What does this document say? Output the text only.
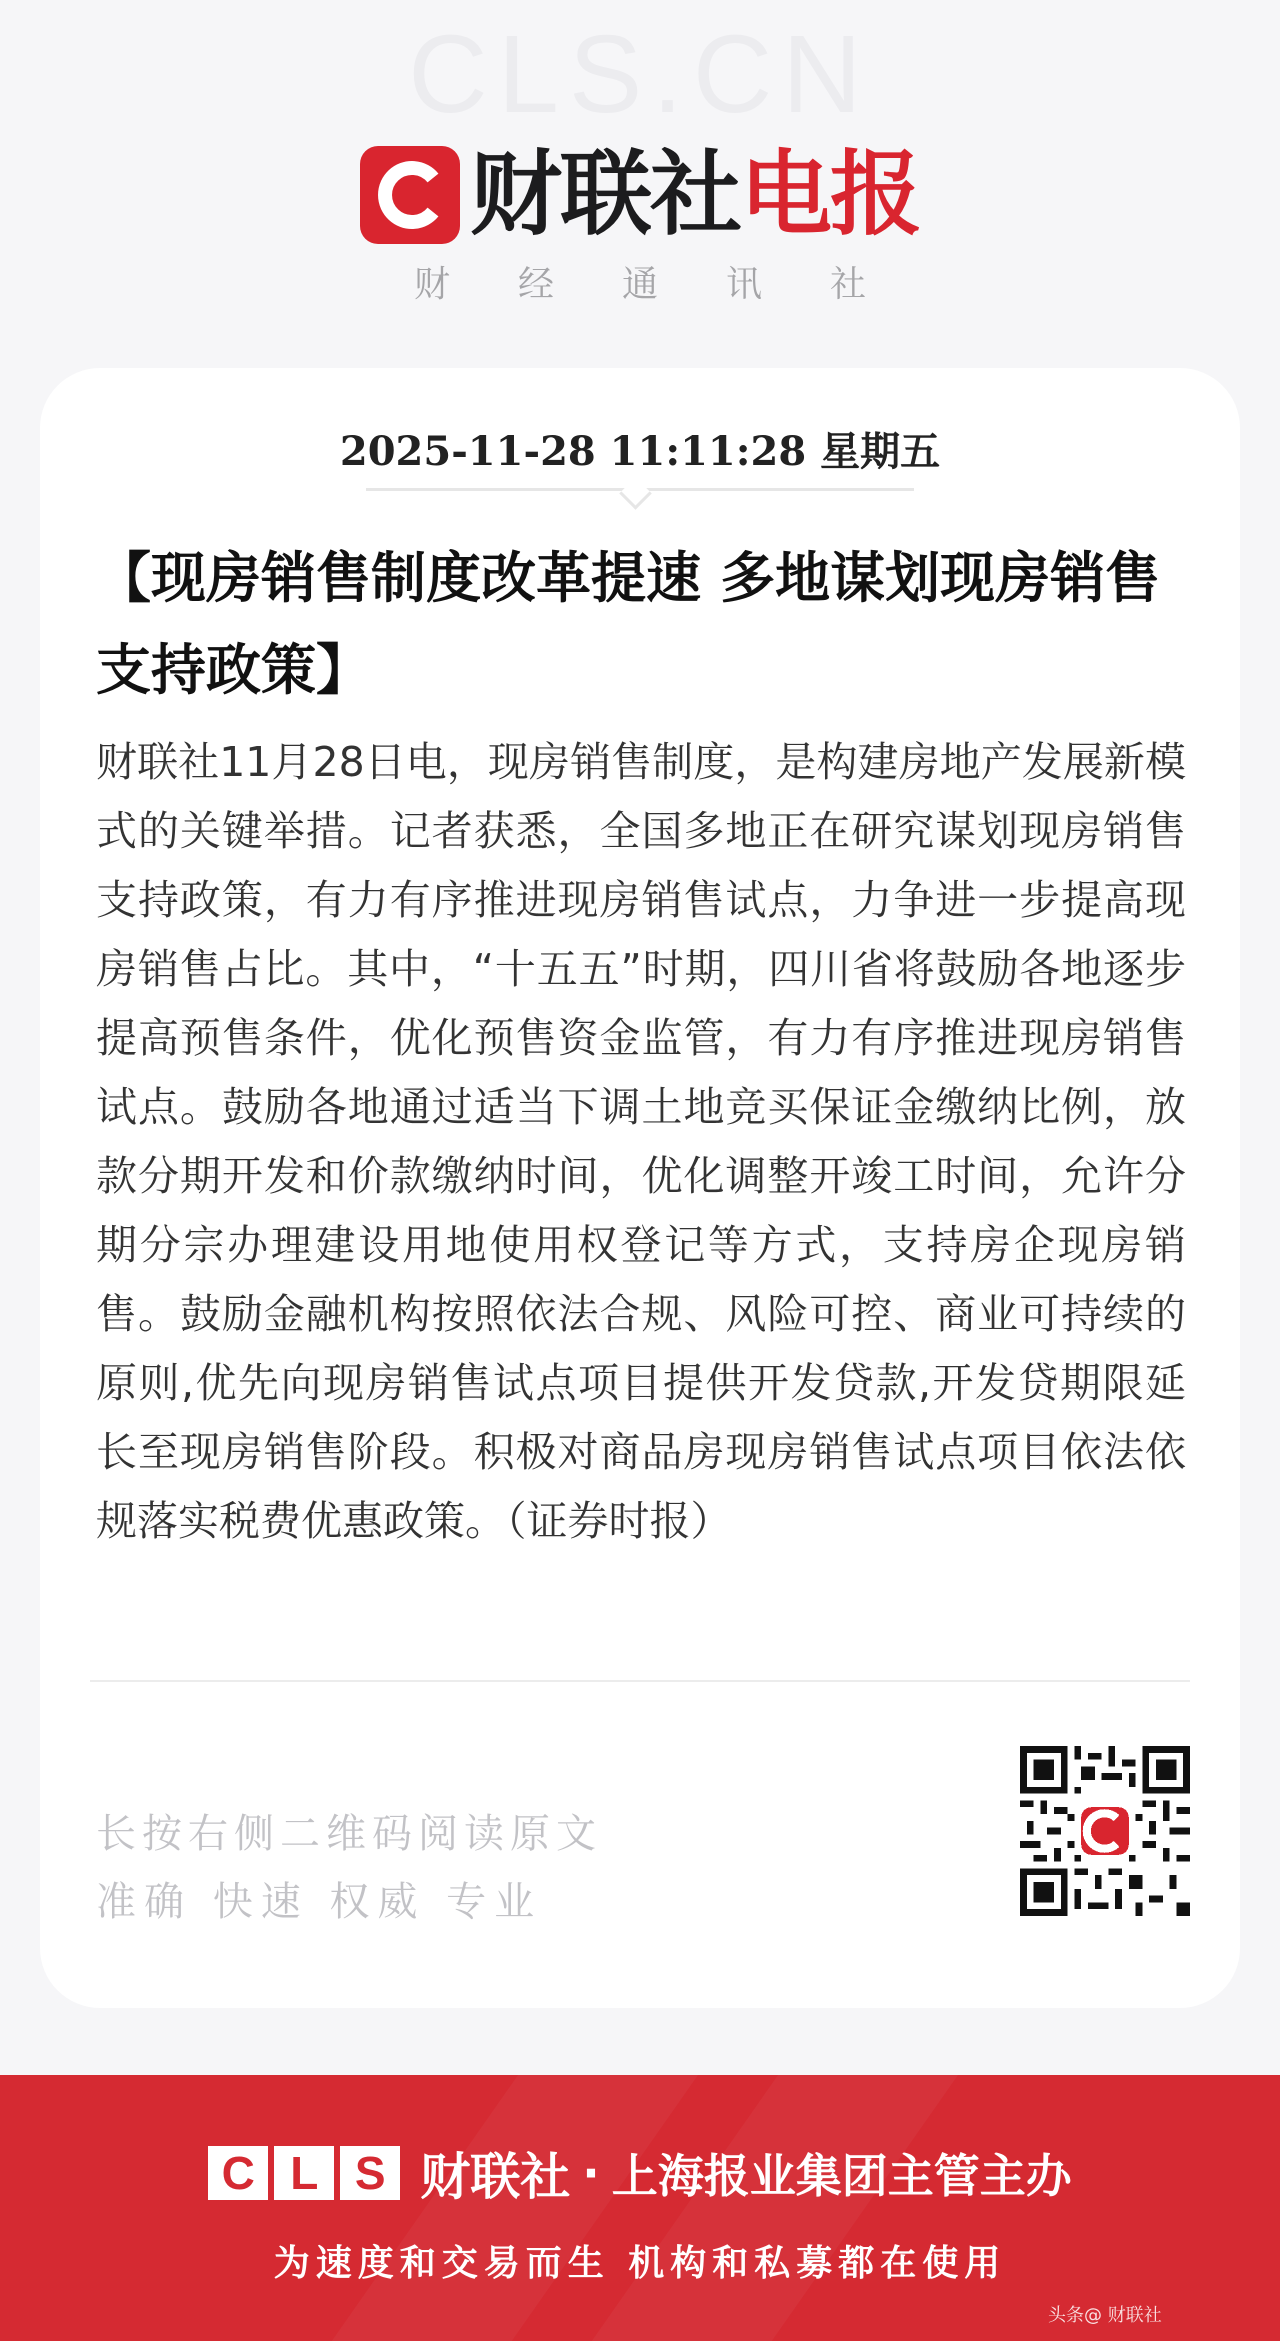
CLS.CN
财联社 电报
财经通讯社
2025-11-28 11:11:28 星期五
【现房销售制度改革提速 多地谋划现房销售支持政策】
财联社11月28日电，现房销售制度，是构建房地产发展新模式的关键举措。记者获悉，全国多地正在研究谋划现房销售支持政策，有力有序推进现房销售试点，力争进一步提高现房销售占比。其中，“十五五”时期，四川省将鼓励各地逐步提高预售条件，优化预售资金监管，有力有序推进现房销售试点。鼓励各地通过适当下调土地竞买保证金缴纳比例，放款分期开发和价款缴纳时间，优化调整开竣工时间，允许分期分宗办理建设用地使用权登记等方式，支持房企现房销售。鼓励金融机构按照依法合规、风险可控、商业可持续的原则,优先向现房销售试点项目提供开发贷款,开发贷期限延长至现房销售阶段。积极对商品房现房销售试点项目依法依规落实税费优惠政策。（证券时报）
长按右侧二维码阅读原文
准确 快速 权威 专业
C L S 财联社 · 上海报业集团主管主办
为速度和交易而生 机构和私募都在使用
头条@ 财联社
